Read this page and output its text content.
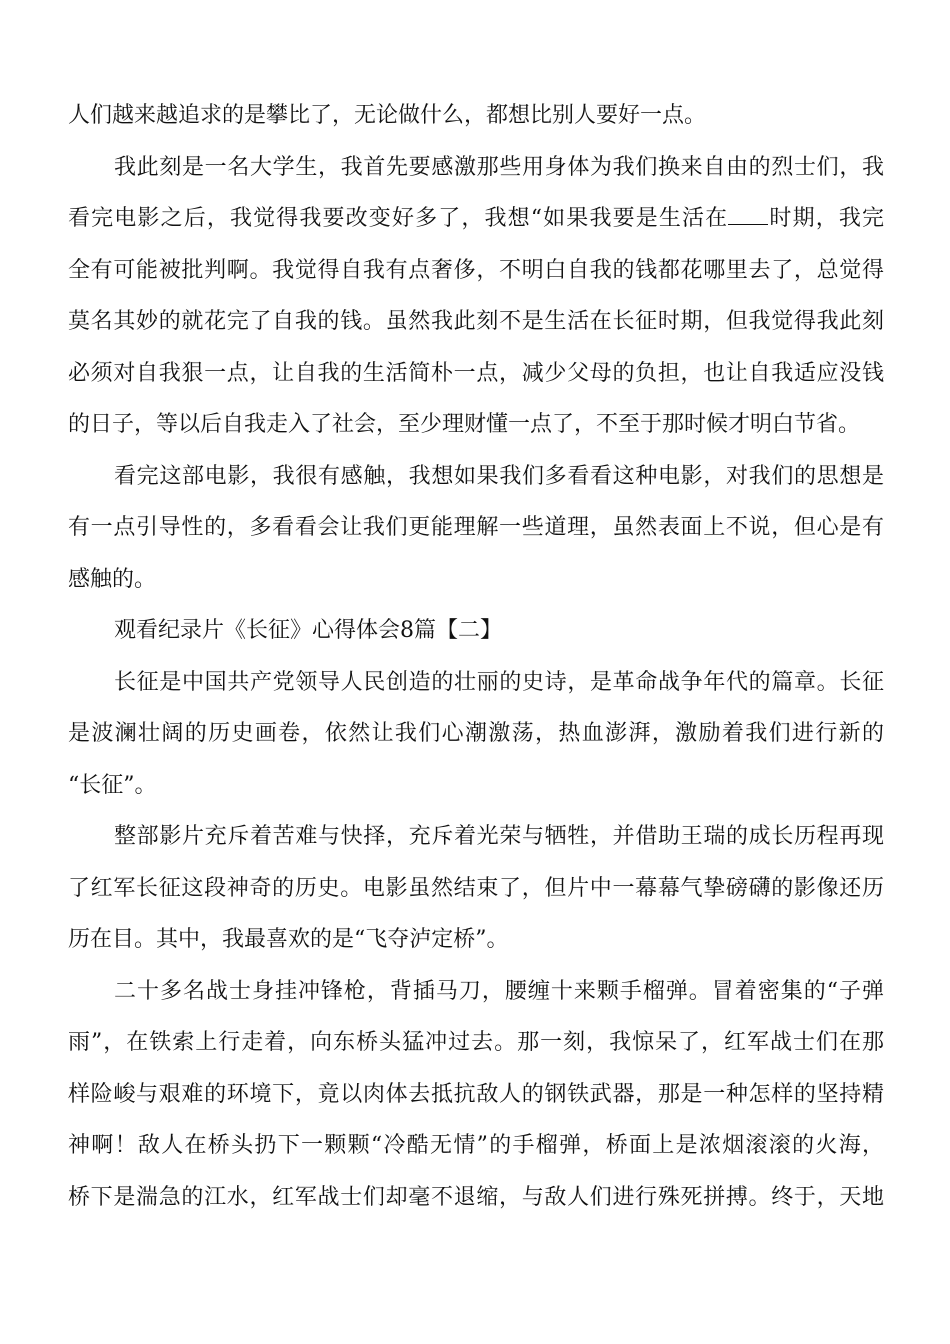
人们越来越追求的是攀比了，无论做什么，都想比别人要好一点。
我此刻是一名大学生，我首先要感激那些用身体为我们换来自由的烈士们，我
看完电影之后，我觉得我要改变好多了，我想“如果我要是生活在 时期，我完
全有可能被批判啊。我觉得自我有点奢侈，不明白自我的钱都花哪里去了，总觉得
莫名其妙的就花完了自我的钱。虽然我此刻不是生活在长征时期，但我觉得我此刻
必须对自我狠一点，让自我的生活简朴一点，减少父母的负担，也让自我适应没钱
的日子，等以后自我走入了社会，至少理财懂一点了，不至于那时候才明白节省。
看完这部电影，我很有感触，我想如果我们多看看这种电影，对我们的思想是
有一点引导性的，多看看会让我们更能理解一些道理，虽然表面上不说，但心是有
感触的。
观看纪录片《长征》心得体会8篇【二】
长征是中国共产党领导人民创造的壮丽的史诗，是革命战争年代的篇章。长征
是波澜壮阔的历史画卷，依然让我们心潮激荡，热血澎湃，激励着我们进行新的
“长征”。
整部影片充斥着苦难与快择，充斥着光荣与牺牲，并借助王瑞的成长历程再现
了红军长征这段神奇的历史。电影虽然结束了，但片中一幕幕气挚磅礴的影像还历
历在目。其中，我最喜欢的是“飞夺泸定桥”。
二十多名战士身挂冲锋枪，背插马刀，腰缠十来颗手榴弹。冒着密集的“子弹
雨”，在铁索上行走着，向东桥头猛冲过去。那一刻，我惊呆了，红军战士们在那
样险峻与艰难的环境下，竟以肉体去抵抗敌人的钢铁武器，那是一种怎样的坚持精
神啊！敌人在桥头扔下一颗颗“冷酷无情”的手榴弹，桥面上是浓烟滚滚的火海，
桥下是湍急的江水，红军战士们却毫不退缩，与敌人们进行殊死拼搏。终于，天地
